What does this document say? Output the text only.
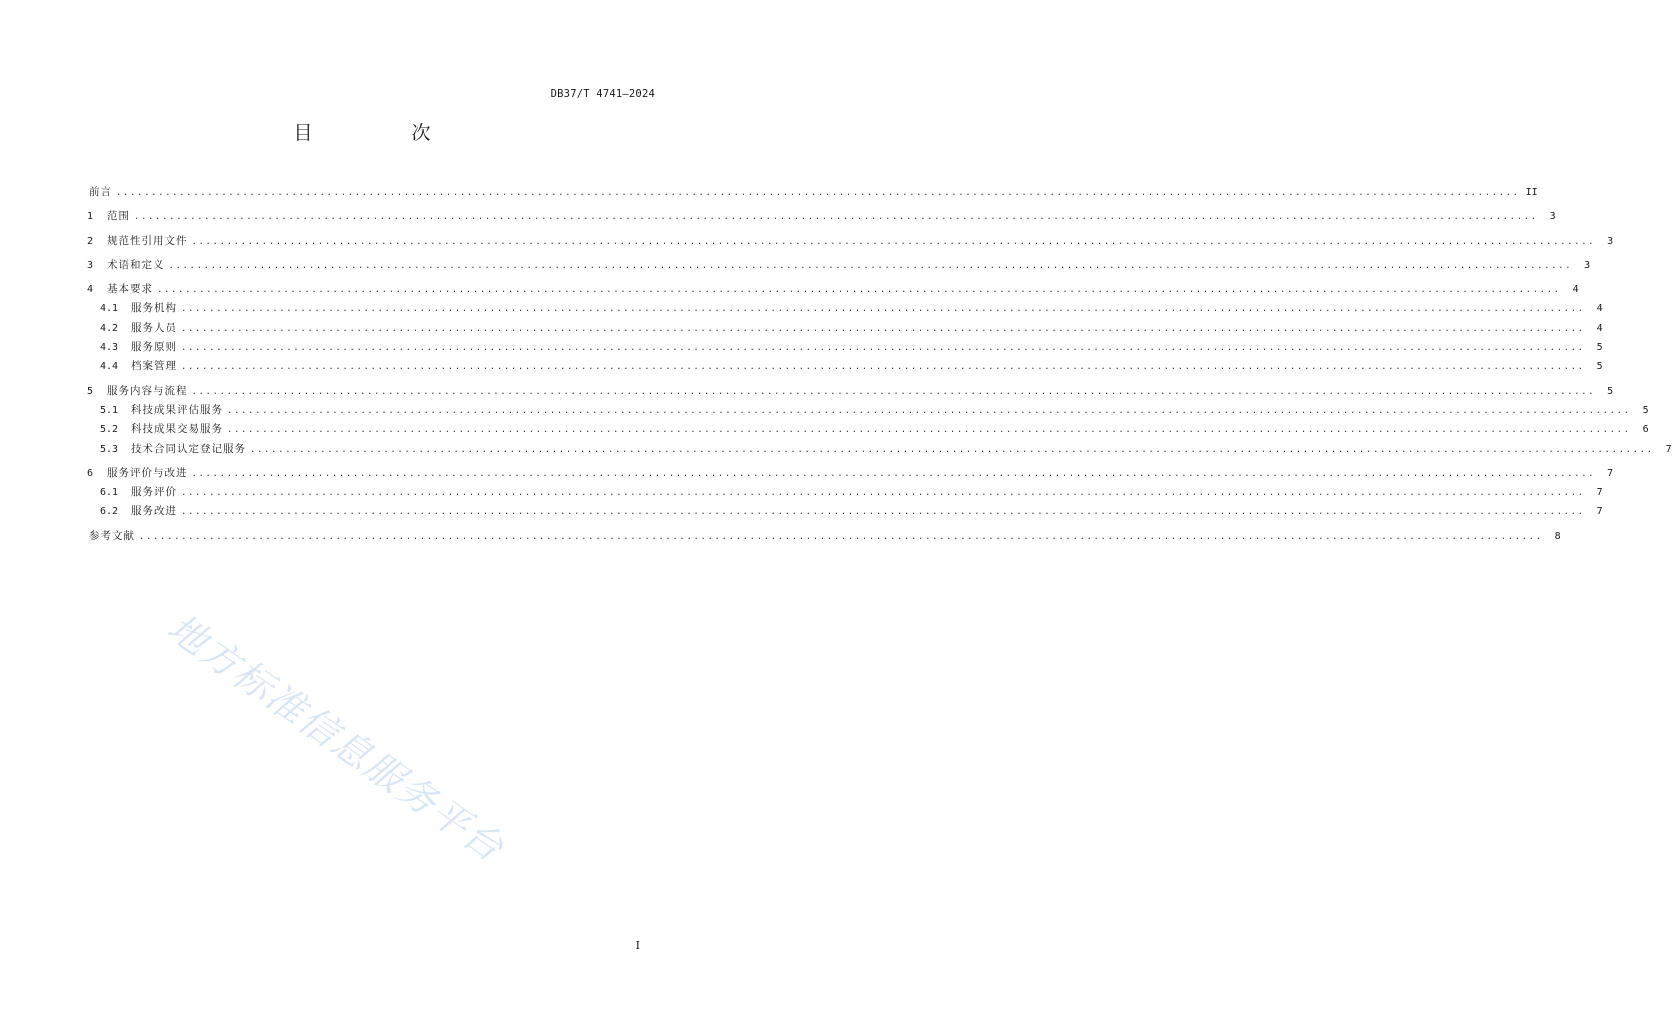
DB37/T 4741—2024
目　次
前言 ........................................................................................................................................................................................................ II
1	范围 ........................................................................................................................................................................................................	3
2	规范性引用文件 ........................................................................................................................................................................................................	3
3	术语和定义 ........................................................................................................................................................................................................	3
4	基本要求 ........................................................................................................................................................................................................	4
4.1	服务机构 ........................................................................................................................................................................................................	4
4.2	服务人员 ........................................................................................................................................................................................................	4
4.3	服务原则 ........................................................................................................................................................................................................	5
4.4	档案管理 ........................................................................................................................................................................................................	5
5	服务内容与流程 ........................................................................................................................................................................................................	5
5.1	科技成果评估服务 ........................................................................................................................................................................................................	5
5.2	科技成果交易服务 ........................................................................................................................................................................................................	6
5.3	技术合同认定登记服务 ........................................................................................................................................................................................................	7
6	服务评价与改进 ........................................................................................................................................................................................................	7
6.1	服务评价 ........................................................................................................................................................................................................	7
6.2	服务改进 ........................................................................................................................................................................................................	7
参考文献 ........................................................................................................................................................................................................	8
地方标准信息服务平台
I
